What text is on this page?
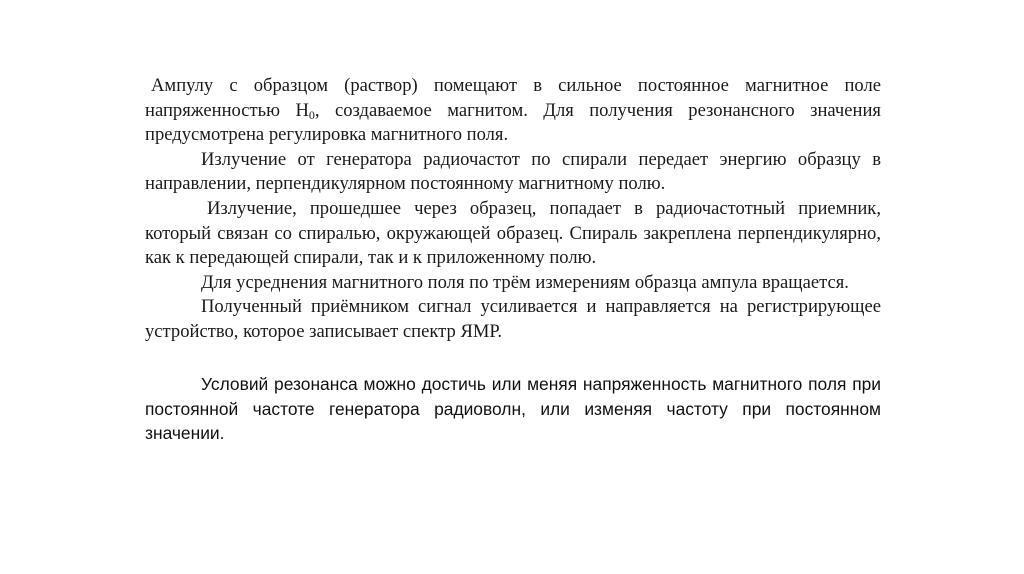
Ампулу с образцом (раствор) помещают в сильное постоянное магнитное поле напряженностью $H_0$, создаваемое магнитом. Для получения резонансного значения предусмотрена регулировка магнитного поля.

Излучение от генератора радиочастот по спирали передает энергию образцу в направлении, перпендикулярном постоянному магнитному полю.

Излучение, прошедшее через образец, попадает в радиочастотный приемник, который связан со спиралью, окружающей образец. Спираль закреплена перпендикулярно, как к передающей спирали, так и к приложенному полю.

Для усреднения магнитного поля по трём измерениям образца ампула вращается.

Полученный приёмником сигнал усиливается и направляется на регистрирующее устройство, которое записывает спектр ЯМР.

Условий резонанса можно достичь или меняя напряженность магнитного поля при постоянной частоте генератора радиоволн, или изменяя частоту при постоянном значении.
